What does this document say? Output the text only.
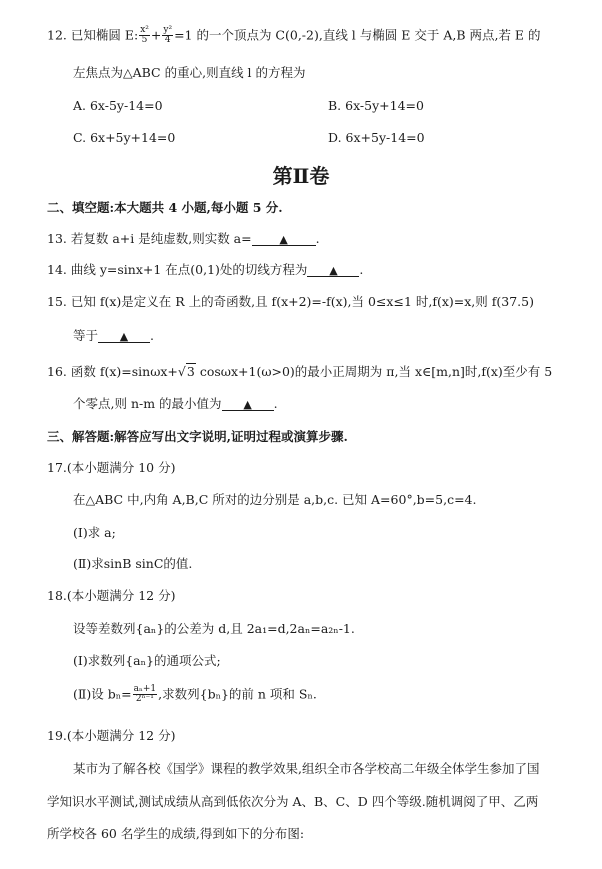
12. 已知椭圆 E: $\frac{\text{x²}}{5} + \frac{\text{y²}}{4} =1$ 的一个顶点为 C(0,-2),直线 l 与椭圆 E 交于 A,B 两点,若 E 的
左焦点为△ABC 的重心,则直线 l 的方程为
A. 6x-5y-14=0	B. 6x-5y+14=0
C. 6x+5y+14=0	D. 6x+5y-14=0
第Ⅱ卷
二、填空题:本大题共 4 小题,每小题 5 分.
13. 若复数 a+i 是纯虚数,则实数 a=	▲ .
14. 曲线 y=sinx+1 在点(0,1)处的切线方程为 ▲ .
15. 已知 f(x)是定义在 R 上的奇函数,且 f(x+2)=-f(x),当 0≤x≤1 时,f(x)=x,则 f(37.5)
等于 ▲ .
16. 函数 f(x)=sinωx+√3 cosωx+1(ω>0)的最小正周期为 π,当 x∈[m,n]时,f(x)至少有 5
个零点,则 n-m 的最小值为 ▲ .
三、解答题:解答应写出文字说明,证明过程或演算步骤.
17.(本小题满分 10 分)
在△ABC 中,内角 A,B,C 所对的边分别是 a,b,c. 已知 A=60°,b=5,c=4.
(Ⅰ)求 a;
(Ⅱ)求sinB sinC的值.
18.(本小题满分 12 分)
设等差数列{aₙ}的公差为 d,且 2a₁=d,2aₙ=a₂ₙ-1.
(Ⅰ)求数列{aₙ}的通项公式;
(Ⅱ)设 $b_n= \frac{\text{aₙ+1}}{\text{2ⁿ⁻¹}}$ ,求数列{bₙ}的前 n 项和 Sₙ.
19.(本小题满分 12 分)
某市为了解各校《国学》课程的教学效果,组织全市各学校高二年级全体学生参加了国
学知识水平测试,测试成绩从高到低依次分为 A、B、C、D 四个等级.随机调阅了甲、乙两
所学校各 60 名学生的成绩,得到如下的分布图:
